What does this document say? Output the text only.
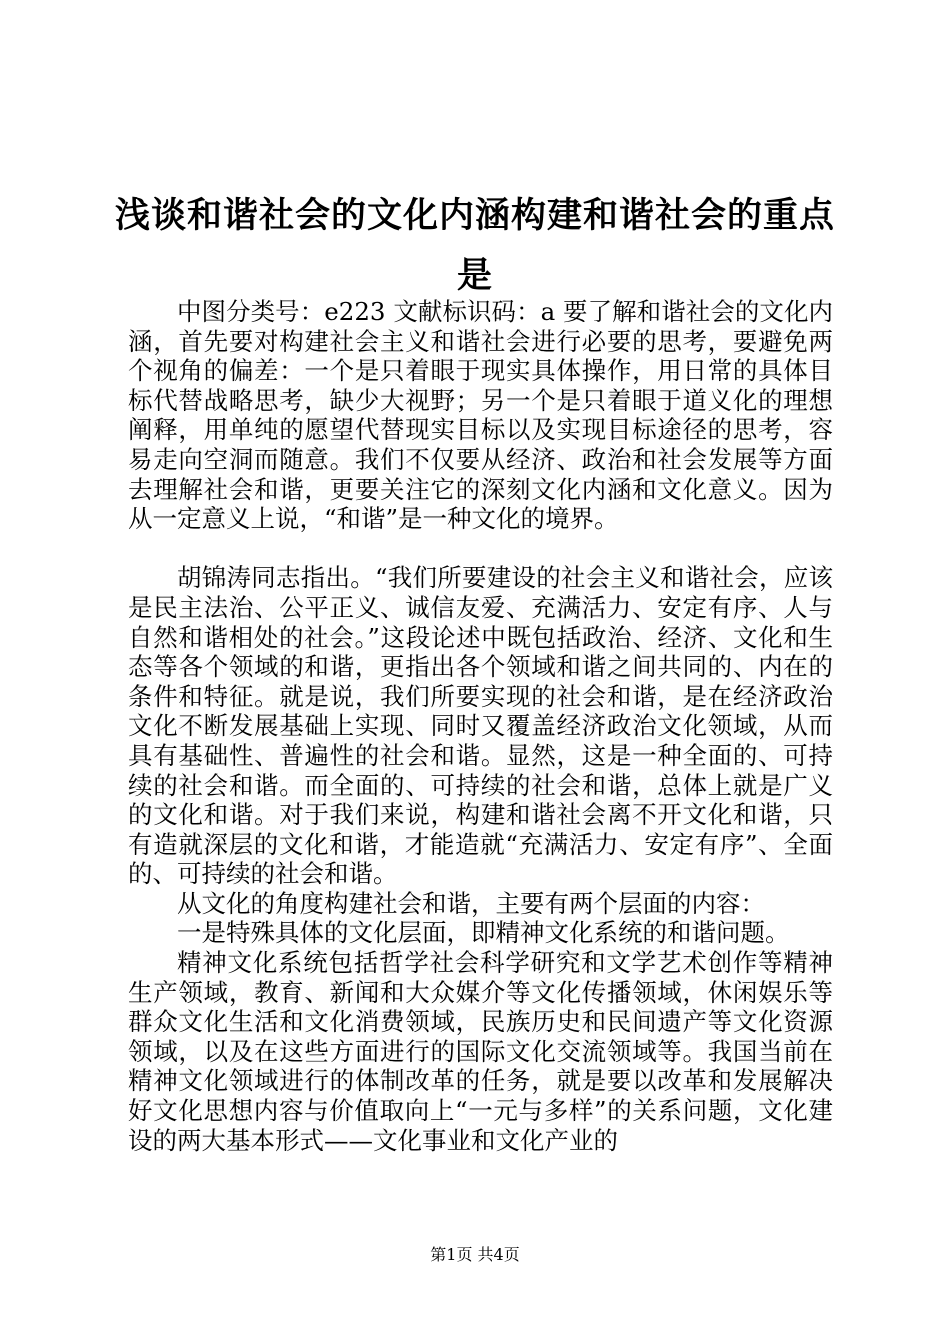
浅谈和谐社会的文化内涵构建和谐社会的重点是

中图分类号：e223 文献标识码：a 要了解和谐社会的文化内涵，首先要对构建社会主义和谐社会进行必要的思考，要避免两个视角的偏差：一个是只着眼于现实具体操作，用日常的具体目标代替战略思考，缺少大视野；另一个是只着眼于道义化的理想阐释，用单纯的愿望代替现实目标以及实现目标途径的思考，容易走向空洞而随意。我们不仅要从经济、政治和社会发展等方面去理解社会和谐，更要关注它的深刻文化内涵和文化意义。因为从一定意义上说，“和谐”是一种文化的境界。

胡锦涛同志指出。“我们所要建设的社会主义和谐社会，应该是民主法治、公平正义、诚信友爱、充满活力、安定有序、人与自然和谐相处的社会。”这段论述中既包括政治、经济、文化和生态等各个领域的和谐，更指出各个领域和谐之间共同的、内在的条件和特征。就是说，我们所要实现的社会和谐，是在经济政治文化不断发展基础上实现、同时又覆盖经济政治文化领域，从而具有基础性、普遍性的社会和谐。显然，这是一种全面的、可持续的社会和谐。而全面的、可持续的社会和谐，总体上就是广义的文化和谐。对于我们来说，构建和谐社会离不开文化和谐，只有造就深层的文化和谐，才能造就“充满活力、安定有序”、全面的、可持续的社会和谐。

从文化的角度构建社会和谐，主要有两个层面的内容：

一是特殊具体的文化层面，即精神文化系统的和谐问题。

精神文化系统包括哲学社会科学研究和文学艺术创作等精神生产领域，教育、新闻和大众媒介等文化传播领域，休闲娱乐等群众文化生活和文化消费领域，民族历史和民间遗产等文化资源领域，以及在这些方面进行的国际文化交流领域等。我国当前在精神文化领域进行的体制改革的任务，就是要以改革和发展解决好文化思想内容与价值取向上“一元与多样”的关系问题，文化建设的两大基本形式——文化事业和文化产业的

第1页 共4页
